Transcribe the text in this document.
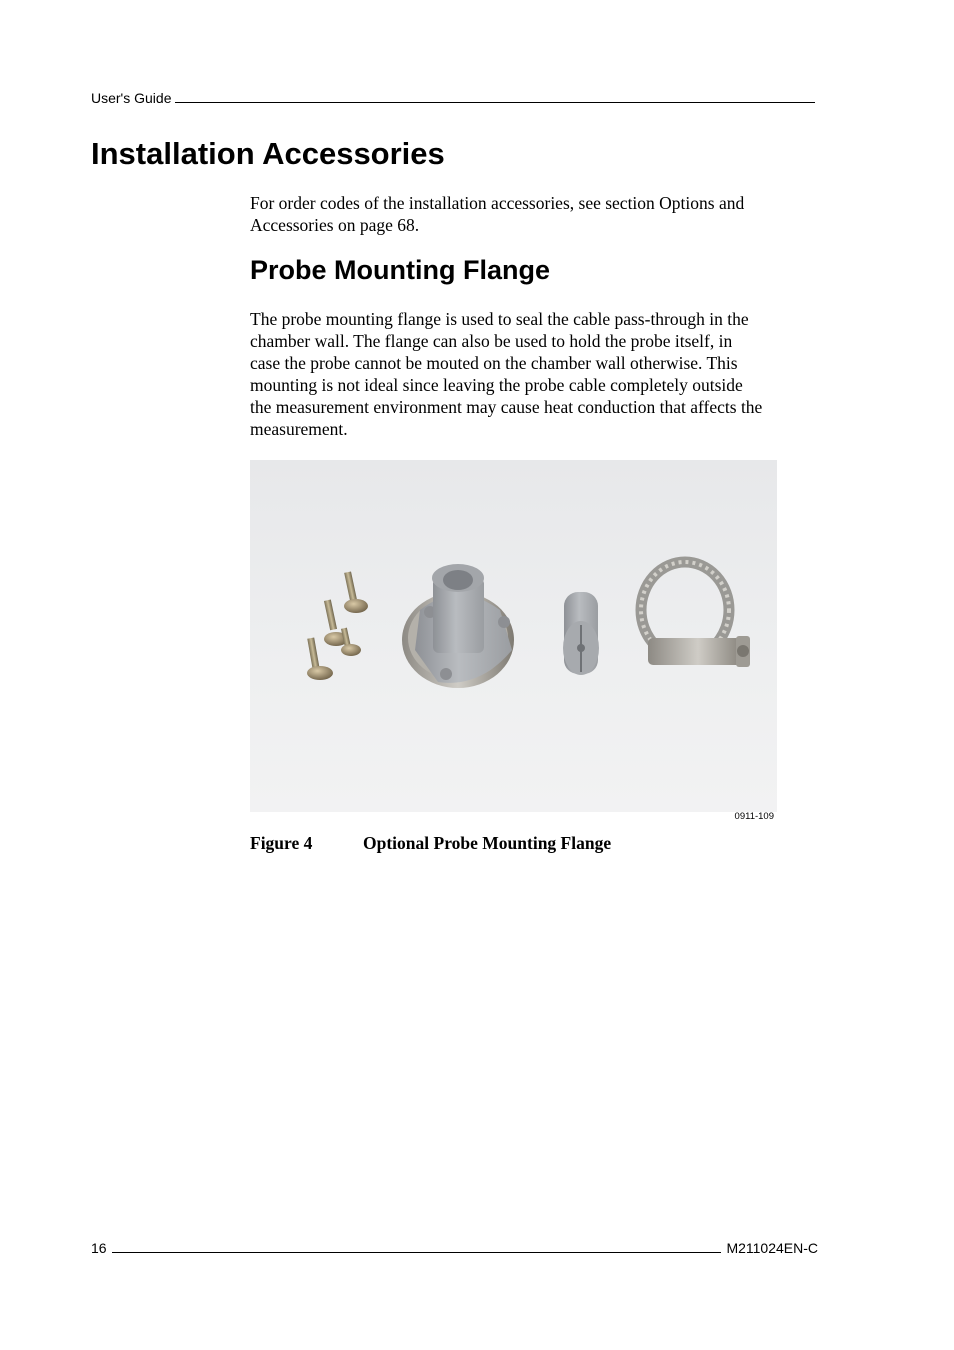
User's Guide
Installation Accessories

For order codes of the installation accessories, see section Options and Accessories on page 68.

Probe Mounting Flange

The probe mounting flange is used to seal the cable pass-through in the
chamber wall. The flange can also be used to hold the probe itself, in
case the probe cannot be mouted on the chamber wall otherwise. This
mounting is not ideal since leaving the probe cable completely outside
the measurement environment may cause heat conduction that affects the
measurement.

0911-109
Figure 4	Optional Probe Mounting Flange
16	M211024EN-C
